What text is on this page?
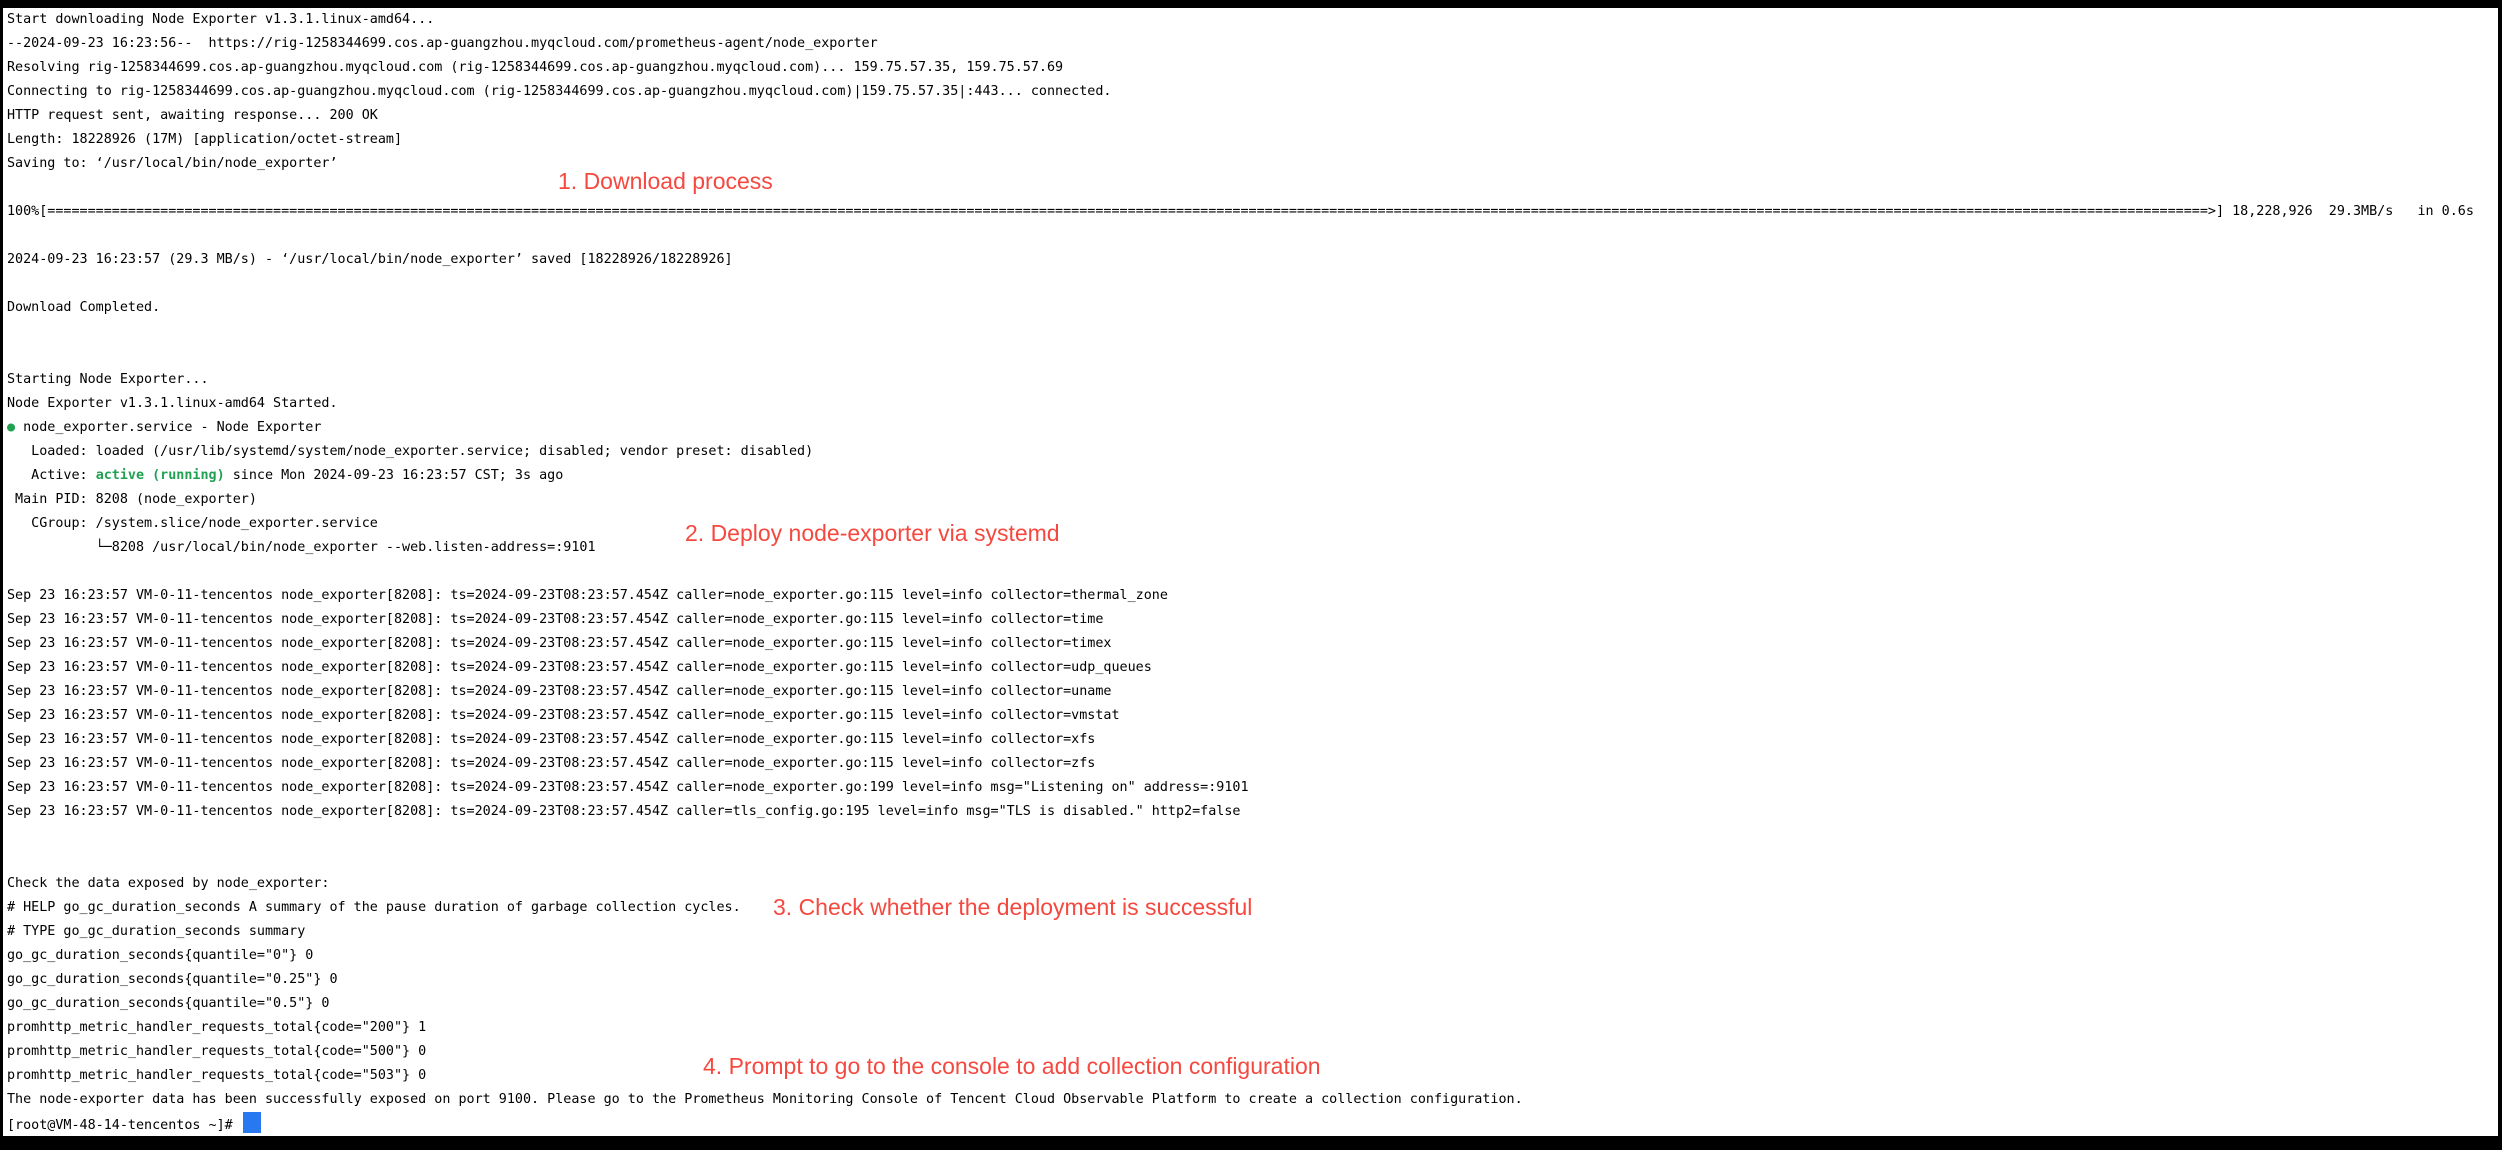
Start downloading Node Exporter v1.3.1.linux-amd64...
--2024-09-23 16:23:56--  https://rig-1258344699.cos.ap-guangzhou.myqcloud.com/prometheus-agent/node_exporter
Resolving rig-1258344699.cos.ap-guangzhou.myqcloud.com (rig-1258344699.cos.ap-guangzhou.myqcloud.com)... 159.75.57.35, 159.75.57.69
Connecting to rig-1258344699.cos.ap-guangzhou.myqcloud.com (rig-1258344699.cos.ap-guangzhou.myqcloud.com)|159.75.57.35|:443... connected.
HTTP request sent, awaiting response... 200 OK
Length: 18228926 (17M) [application/octet-stream]
Saving to: ‘/usr/local/bin/node_exporter’

100%[============================================================================================================================================================================================================================================================================>] 18,228,926  29.3MB/s   in 0.6s

2024-09-23 16:23:57 (29.3 MB/s) - ‘/usr/local/bin/node_exporter’ saved [18228926/18228926]

Download Completed.

Starting Node Exporter...
Node Exporter v1.3.1.linux-amd64 Started.
● node_exporter.service - Node Exporter
Loaded: loaded (/usr/lib/systemd/system/node_exporter.service; disabled; vendor preset: disabled)
Active: active (running) since Mon 2024-09-23 16:23:57 CST; 3s ago
Main PID: 8208 (node_exporter)
CGroup: /system.slice/node_exporter.service
└─8208 /usr/local/bin/node_exporter --web.listen-address=:9101

Sep 23 16:23:57 VM-0-11-tencentos node_exporter[8208]: ts=2024-09-23T08:23:57.454Z caller=node_exporter.go:115 level=info collector=thermal_zone
Sep 23 16:23:57 VM-0-11-tencentos node_exporter[8208]: ts=2024-09-23T08:23:57.454Z caller=node_exporter.go:115 level=info collector=time
Sep 23 16:23:57 VM-0-11-tencentos node_exporter[8208]: ts=2024-09-23T08:23:57.454Z caller=node_exporter.go:115 level=info collector=timex
Sep 23 16:23:57 VM-0-11-tencentos node_exporter[8208]: ts=2024-09-23T08:23:57.454Z caller=node_exporter.go:115 level=info collector=udp_queues
Sep 23 16:23:57 VM-0-11-tencentos node_exporter[8208]: ts=2024-09-23T08:23:57.454Z caller=node_exporter.go:115 level=info collector=uname
Sep 23 16:23:57 VM-0-11-tencentos node_exporter[8208]: ts=2024-09-23T08:23:57.454Z caller=node_exporter.go:115 level=info collector=vmstat
Sep 23 16:23:57 VM-0-11-tencentos node_exporter[8208]: ts=2024-09-23T08:23:57.454Z caller=node_exporter.go:115 level=info collector=xfs
Sep 23 16:23:57 VM-0-11-tencentos node_exporter[8208]: ts=2024-09-23T08:23:57.454Z caller=node_exporter.go:115 level=info collector=zfs
Sep 23 16:23:57 VM-0-11-tencentos node_exporter[8208]: ts=2024-09-23T08:23:57.454Z caller=node_exporter.go:199 level=info msg="Listening on" address=:9101
Sep 23 16:23:57 VM-0-11-tencentos node_exporter[8208]: ts=2024-09-23T08:23:57.454Z caller=tls_config.go:195 level=info msg="TLS is disabled." http2=false

Check the data exposed by node_exporter:
# HELP go_gc_duration_seconds A summary of the pause duration of garbage collection cycles.
# TYPE go_gc_duration_seconds summary
go_gc_duration_seconds{quantile="0"} 0
go_gc_duration_seconds{quantile="0.25"} 0
go_gc_duration_seconds{quantile="0.5"} 0
promhttp_metric_handler_requests_total{code="200"} 1
promhttp_metric_handler_requests_total{code="500"} 0
promhttp_metric_handler_requests_total{code="503"} 0
The node-exporter data has been successfully exposed on port 9100. Please go to the Prometheus Monitoring Console of Tencent Cloud Observable Platform to create a collection configuration.
[root@VM-48-14-tencentos ~]#
1. Download process
2. Deploy node-exporter via systemd
3. Check whether the deployment is successful
4. Prompt to go to the console to add collection configuration
